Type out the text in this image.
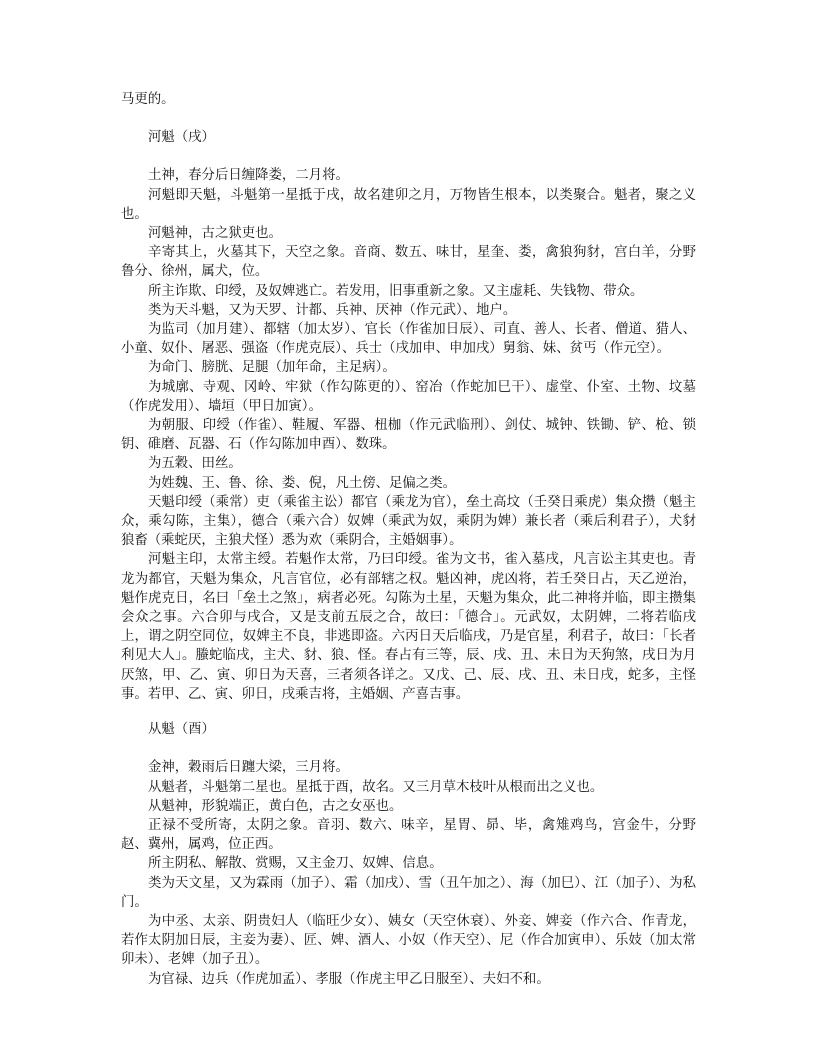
马更的。

河魁（戌）

土神，春分后日缠降娄，二月将。

河魁即天魁，斗魁第一星抵于戌，故名建卯之月，万物皆生根本，以类聚合。魁者，聚之义也。

河魁神，古之狱吏也。

辛寄其上，火墓其下，天空之象。音商、数五、味甘，星奎、娄，禽狼狗豺，宫白羊，分野鲁分、徐州，属犬，位。

所主诈欺、印绶，及奴婢逃亡。若发用，旧事重新之象。又主虚耗、失钱物、带众。

类为天斗魁，又为天罗、计都、兵神、厌神（作元武）、地户。

为监司（加月建）、都辖（加太岁）、官长（作雀加日辰）、司直、善人、长者、僧道、猎人、小童、奴仆、屠恶、强盗（作虎克辰）、兵士（戌加申、申加戌）舅翁、妹、贫丐（作元空）。

为命门、膀胱、足腿（加年命，主足病）。

为城廓、寺观、冈岭、牢狱（作勾陈更的）、窑冶（作蛇加巳干）、虚堂、仆室、土物、坟墓（作虎发用）、墙垣（甲日加寅）。

为朝服、印绶（作雀）、鞋履、军器、杻枷（作元武临刑）、剑仗、城钟、铁锄、铲、枪、锁钥、碓磨、瓦器、石（作勾陈加申酉）、数珠。

为五穀、田丝。

为姓魏、王、鲁、徐、娄、倪，凡土傍、足偏之类。

天魁印绶（乘常）吏（乘雀主讼）都官（乘龙为官），垒土高坟（壬癸日乘虎）集众攒（魁主众，乘勾陈，主集），德合（乘六合）奴婢（乘武为奴，乘阴为婢）兼长者（乘后利君子），犬豺狼畜（乘蛇厌，主狼犬怪）悉为欢（乘阴合，主婚姻事）。

河魁主印，太常主绶。若魁作太常，乃曰印绶。雀为文书，雀入墓戌，凡言讼主其吏也。青龙为都官，天魁为集众，凡言官位，必有部辖之权。魁凶神，虎凶将，若壬癸日占，天乙逆治，魁作虎克日，名曰「垒土之煞」，病者必死。勾陈为土星，天魁为集众，此二神将并临，即主攒集会众之事。六合卯与戌合，又是支前五辰之合，故曰：「德合」。元武奴，太阴婢，二将若临戌上，谓之阴空同位，奴婢主不良，非逃即盗。六丙日天后临戌，乃是官星，利君子，故曰：「长者利见大人」。螣蛇临戌，主犬、豺、狼、怪。春占有三等，辰、戌、丑、未日为天狗煞，戌日为月厌煞，甲、乙、寅、卯日为天喜，三者须各详之。又戊、己、辰、戌、丑、未日戌，蛇多，主怪事。若甲、乙、寅、卯日，戌乘吉将，主婚姻、产喜吉事。

从魁（酉）

金神，穀雨后日躔大梁，三月将。

从魁者，斗魁第二星也。星抵于酉，故名。又三月草木枝叶从根而出之义也。

从魁神，形貌端正，黄白色，古之女巫也。

正禄不受所寄，太阴之象。音羽、数六、味辛，星胃、昴、毕，禽雉鸡鸟，宫金牛，分野赵、冀州，属鸡，位正西。

所主阴私、解散、赏赐，又主金刀、奴婢、信息。

类为天文星，又为霖雨（加子）、霜（加戌）、雪（丑午加之）、海（加巳）、江（加子）、为私门。

为中丞、太亲、阴贵妇人（临旺少女）、姨女（天空休衰）、外妾、婢妾（作六合、作青龙，若作太阴加日辰，主妾为妻）、匠、婢、酒人、小奴（作天空）、尼（作合加寅申）、乐妓（加太常卯未）、老婢（加子丑）。

为官禄、边兵（作虎加孟）、孝服（作虎主甲乙日服至）、夫妇不和。
